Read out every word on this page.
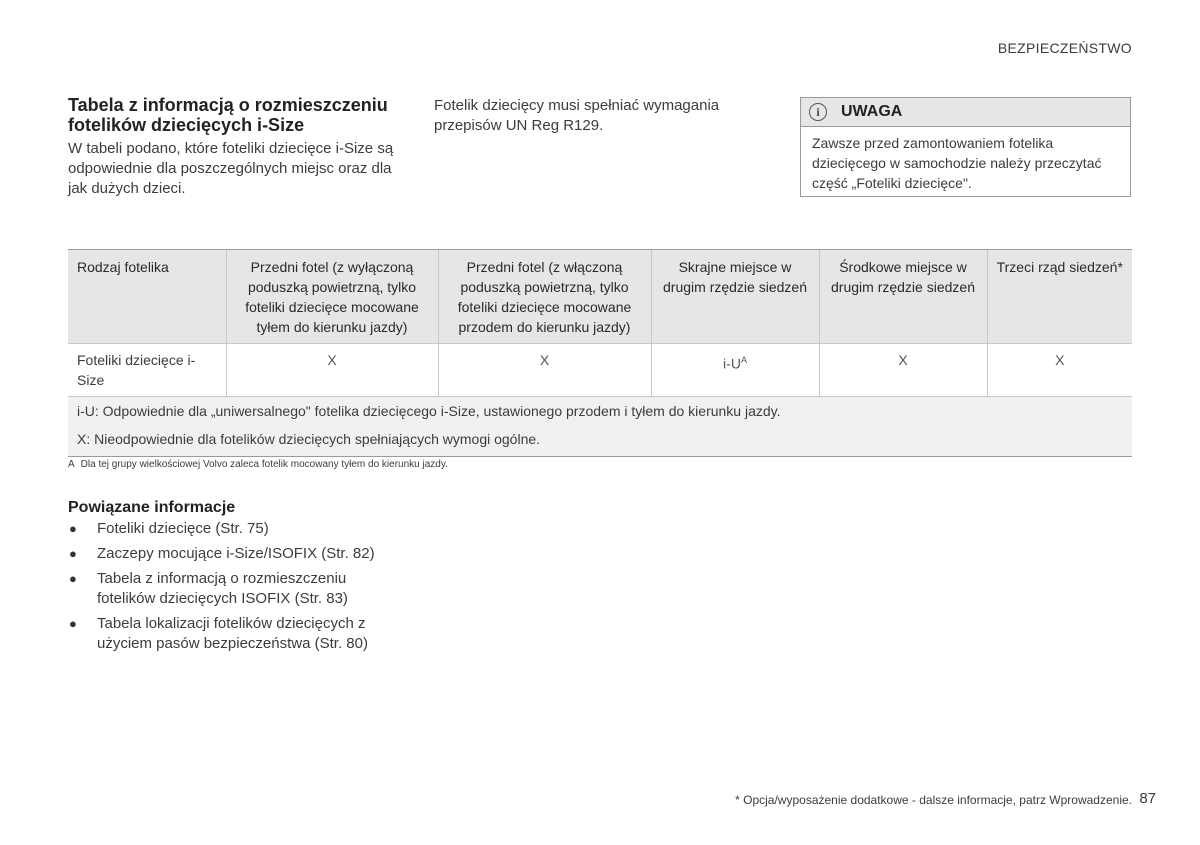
BEZPIECZEŃSTWO
Tabela z informacją o rozmieszczeniu fotelików dziecięcych i-Size

W tabeli podano, które foteliki dziecięce i-Size są odpowiednie dla poszczególnych miejsc oraz dla jak dużych dzieci.

Fotelik dziecięcy musi spełniać wymagania przepisów UN Reg R129.

i	UWAGA
Zawsze przed zamontowaniem fotelika dziecięcego w samochodzie należy przeczytać część „Foteliki dziecięce".
Rodzaj fotelika	Przedni fotel (z wyłączoną poduszką powietrzną, tylko foteliki dziecięce mocowane tyłem do kierunku jazdy)	Przedni fotel (z włączoną poduszką powietrzną, tylko foteliki dziecięce mocowane przodem do kierunku jazdy)	Skrajne miejsce w drugim rzędzie siedzeń	Środkowe miejsce w drugim rzędzie siedzeń	Trzeci rząd siedzeń*
Foteliki dziecięce i-Size	X	X	$i-U^A$	X	X
i-U: Odpowiednie dla „uniwersalnego" fotelika dziecięcego i-Size, ustawionego przodem i tyłem do kierunku jazdy.					
X: Nieodpowiednie dla fotelików dziecięcych spełniających wymogi ogólne.					
A Dla tej grupy wielkościowej Volvo zaleca fotelik mocowany tyłem do kierunku jazdy.
Powiązane informacje
● Foteliki dziecięce (Str. 75)
● Zaczepy mocujące i-Size/ISOFIX (Str. 82)
● Tabela z informacją o rozmieszczeniu fotelików dziecięcych ISOFIX (Str. 83)
● Tabela lokalizacji fotelików dziecięcych z użyciem pasów bezpieczeństwa (Str. 80)
* Opcja/wyposażenie dodatkowe - dalsze informacje, patrz Wprowadzenie. 87
